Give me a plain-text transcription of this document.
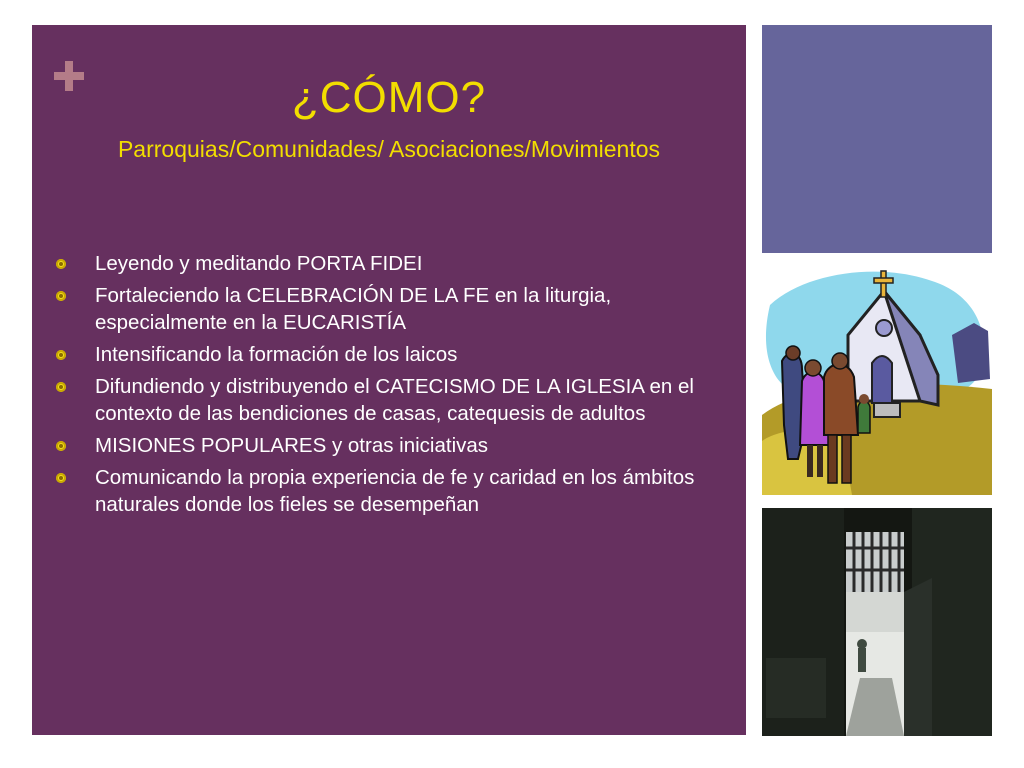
¿CÓMO?
Parroquias/Comunidades/ Asociaciones/Movimientos
Leyendo y meditando PORTA FIDEI
Fortaleciendo la CELEBRACIÓN DE LA FE en la liturgia, especialmente en la EUCARISTÍA
Intensificando la formación de los laicos
Difundiendo y distribuyendo el CATECISMO DE LA IGLESIA en el contexto de las bendiciones de casas, catequesis de adultos
MISIONES POPULARES y otras iniciativas
Comunicando la propia experiencia de fe y caridad en los ámbitos naturales donde los fieles se desempeñan
